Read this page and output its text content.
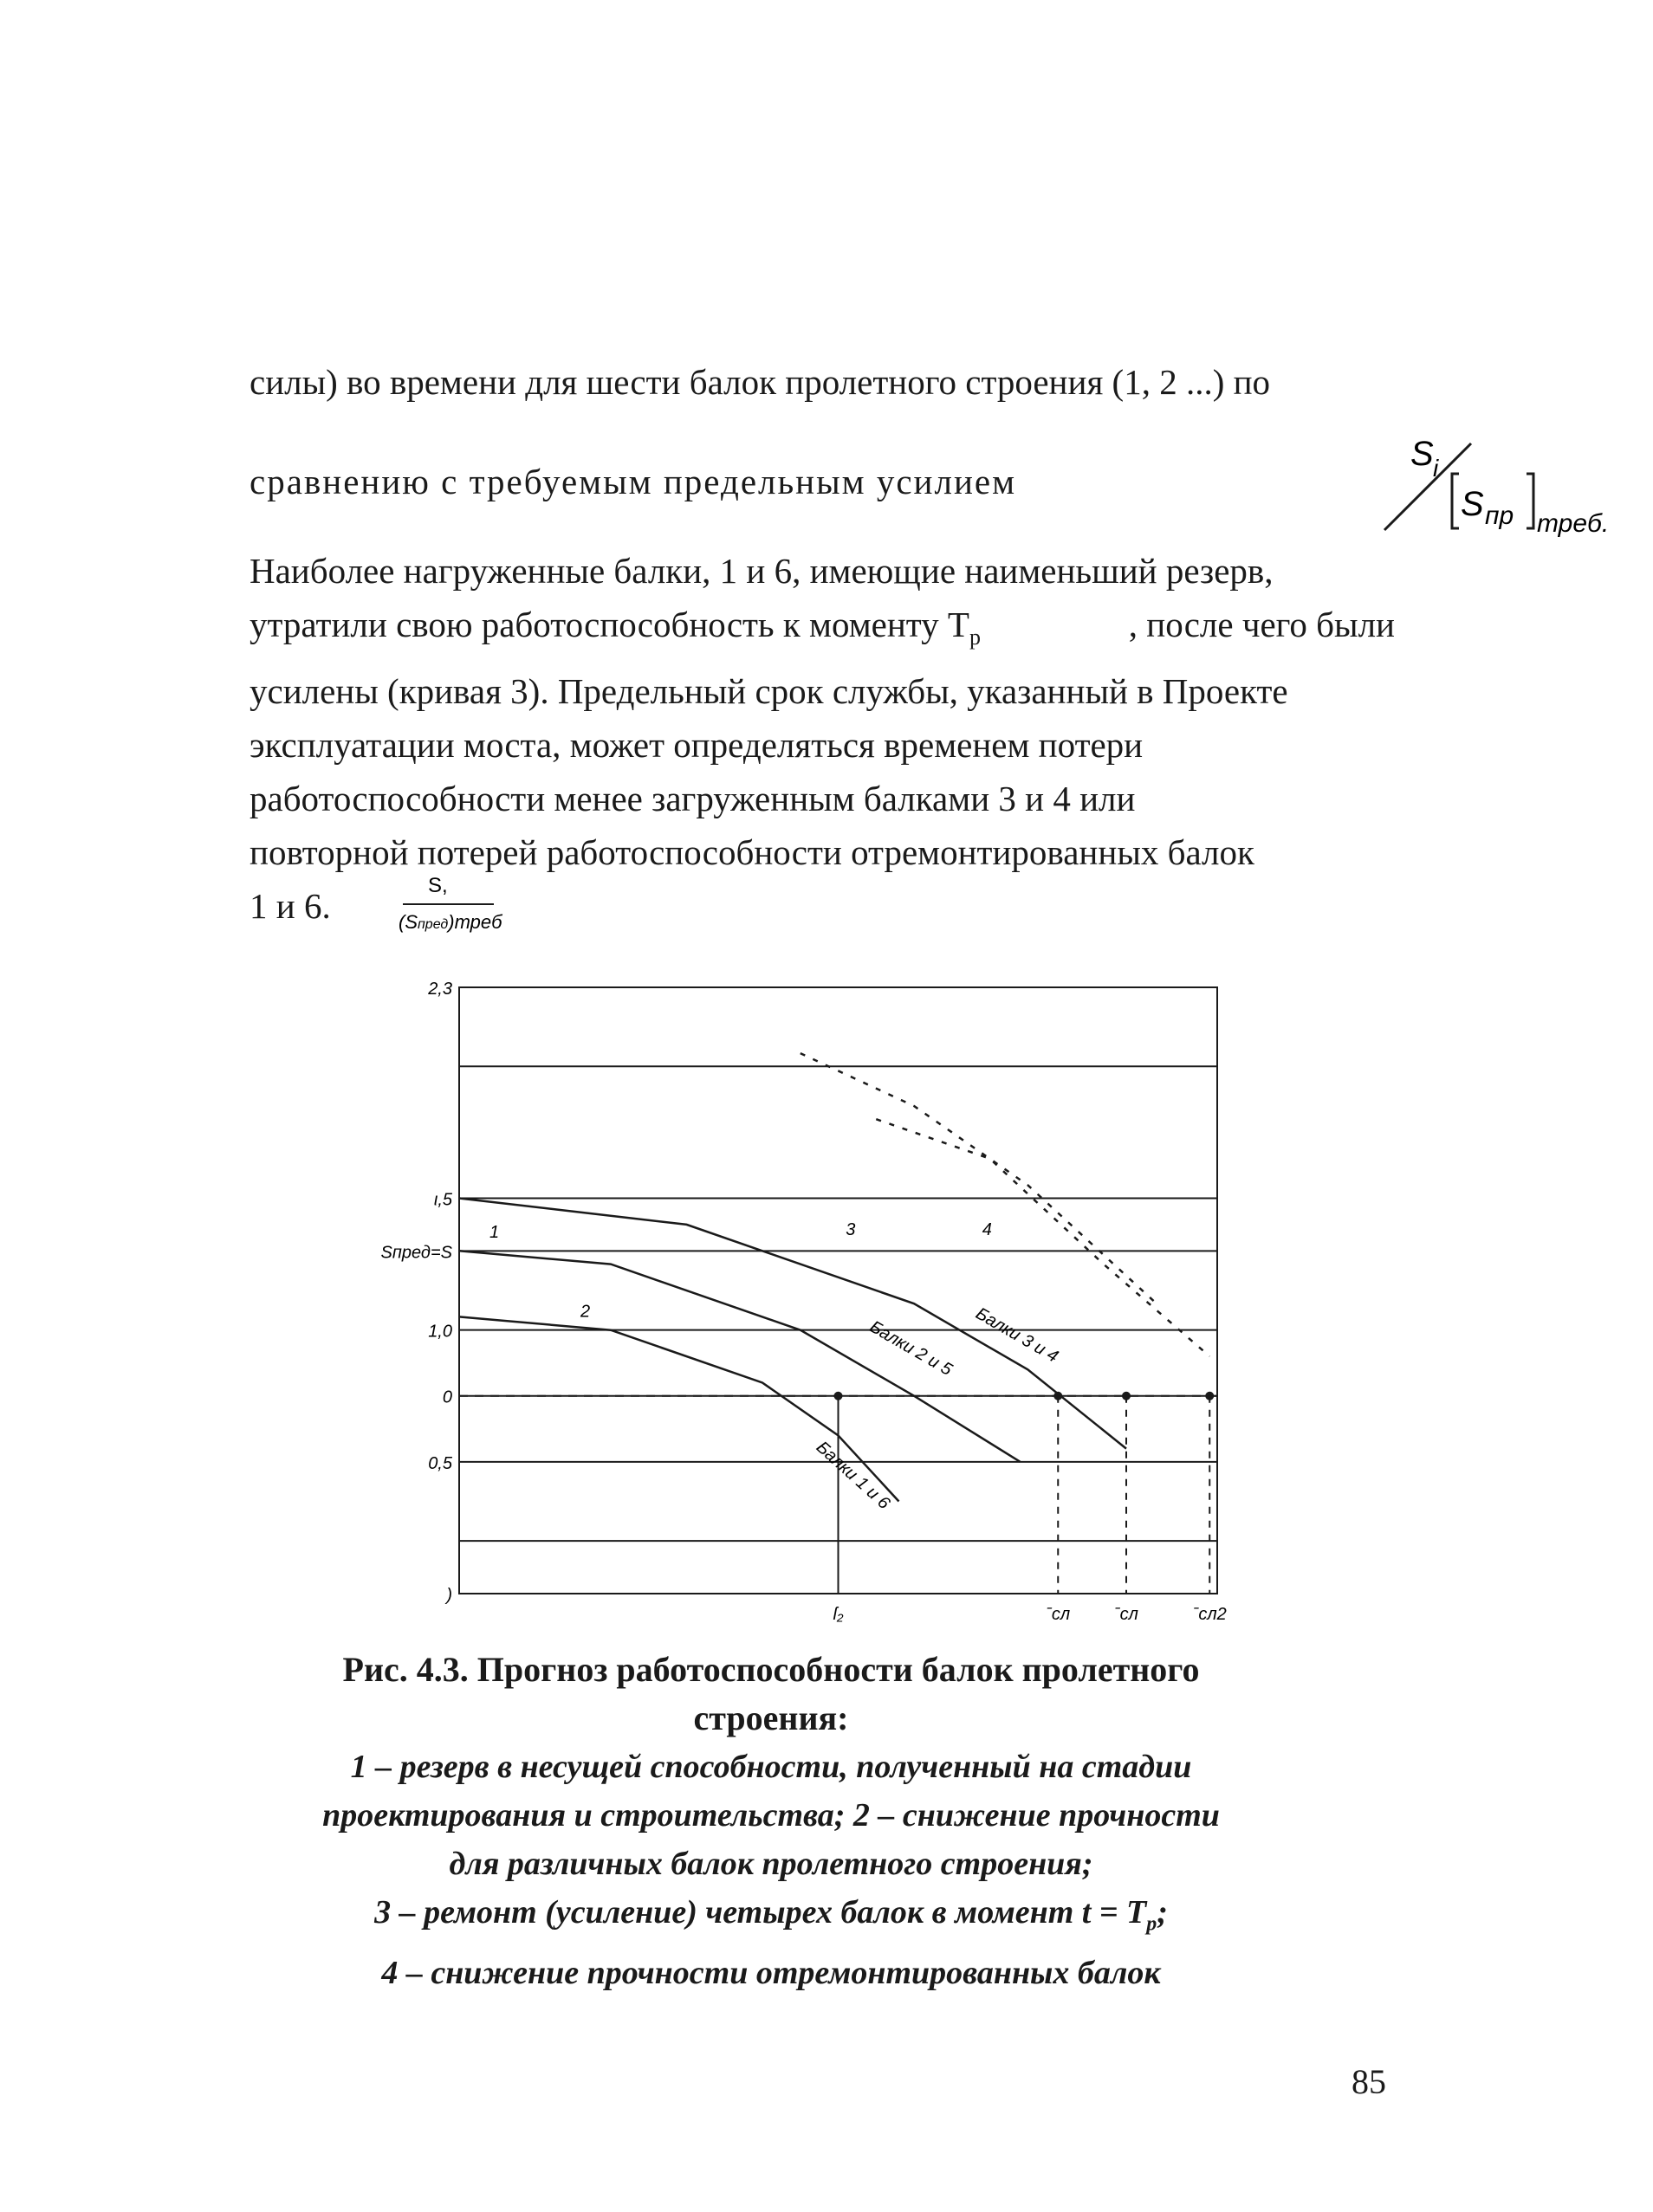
силы) во времени для шести балок пролетного строения (1, 2 ...) по

сравнению с требуемым предельным усилием
S i
S пр треб.
Наиболее нагруженные балки, 1 и 6, имеющие наименьший резерв,
утратили свою работоспособность к моменту $Т_р$	, после чего были
усилены (кривая 3). Предельный срок службы, указанный в Проекте
эксплуатации моста, может определяться временем потери
работоспособности менее загруженным балками 3 и 4 или
повторной потерей работоспособности отремонтированных балок
1 и 6.
S,
(Sпред)треб
2,3
ι,5
Sпред=S
1,0
0
0,5
)
ſ₂	ˉсл	ˉсл	ˉсл2
Балки 2 и 5 Балки 3 и 4
Балки 1 и 6
1
2
3	4

Рис. 4.3. Прогноз работоспособности балок пролетного

строения:

1 – резерв в несущей способности, полученный на стадии

проектирования и строительства; 2 – снижение прочности

для различных балок пролетного строения;

3 – ремонт (усиление) четырех балок в момент $t = T_p$;

4 – снижение прочности отремонтированных балок

85
